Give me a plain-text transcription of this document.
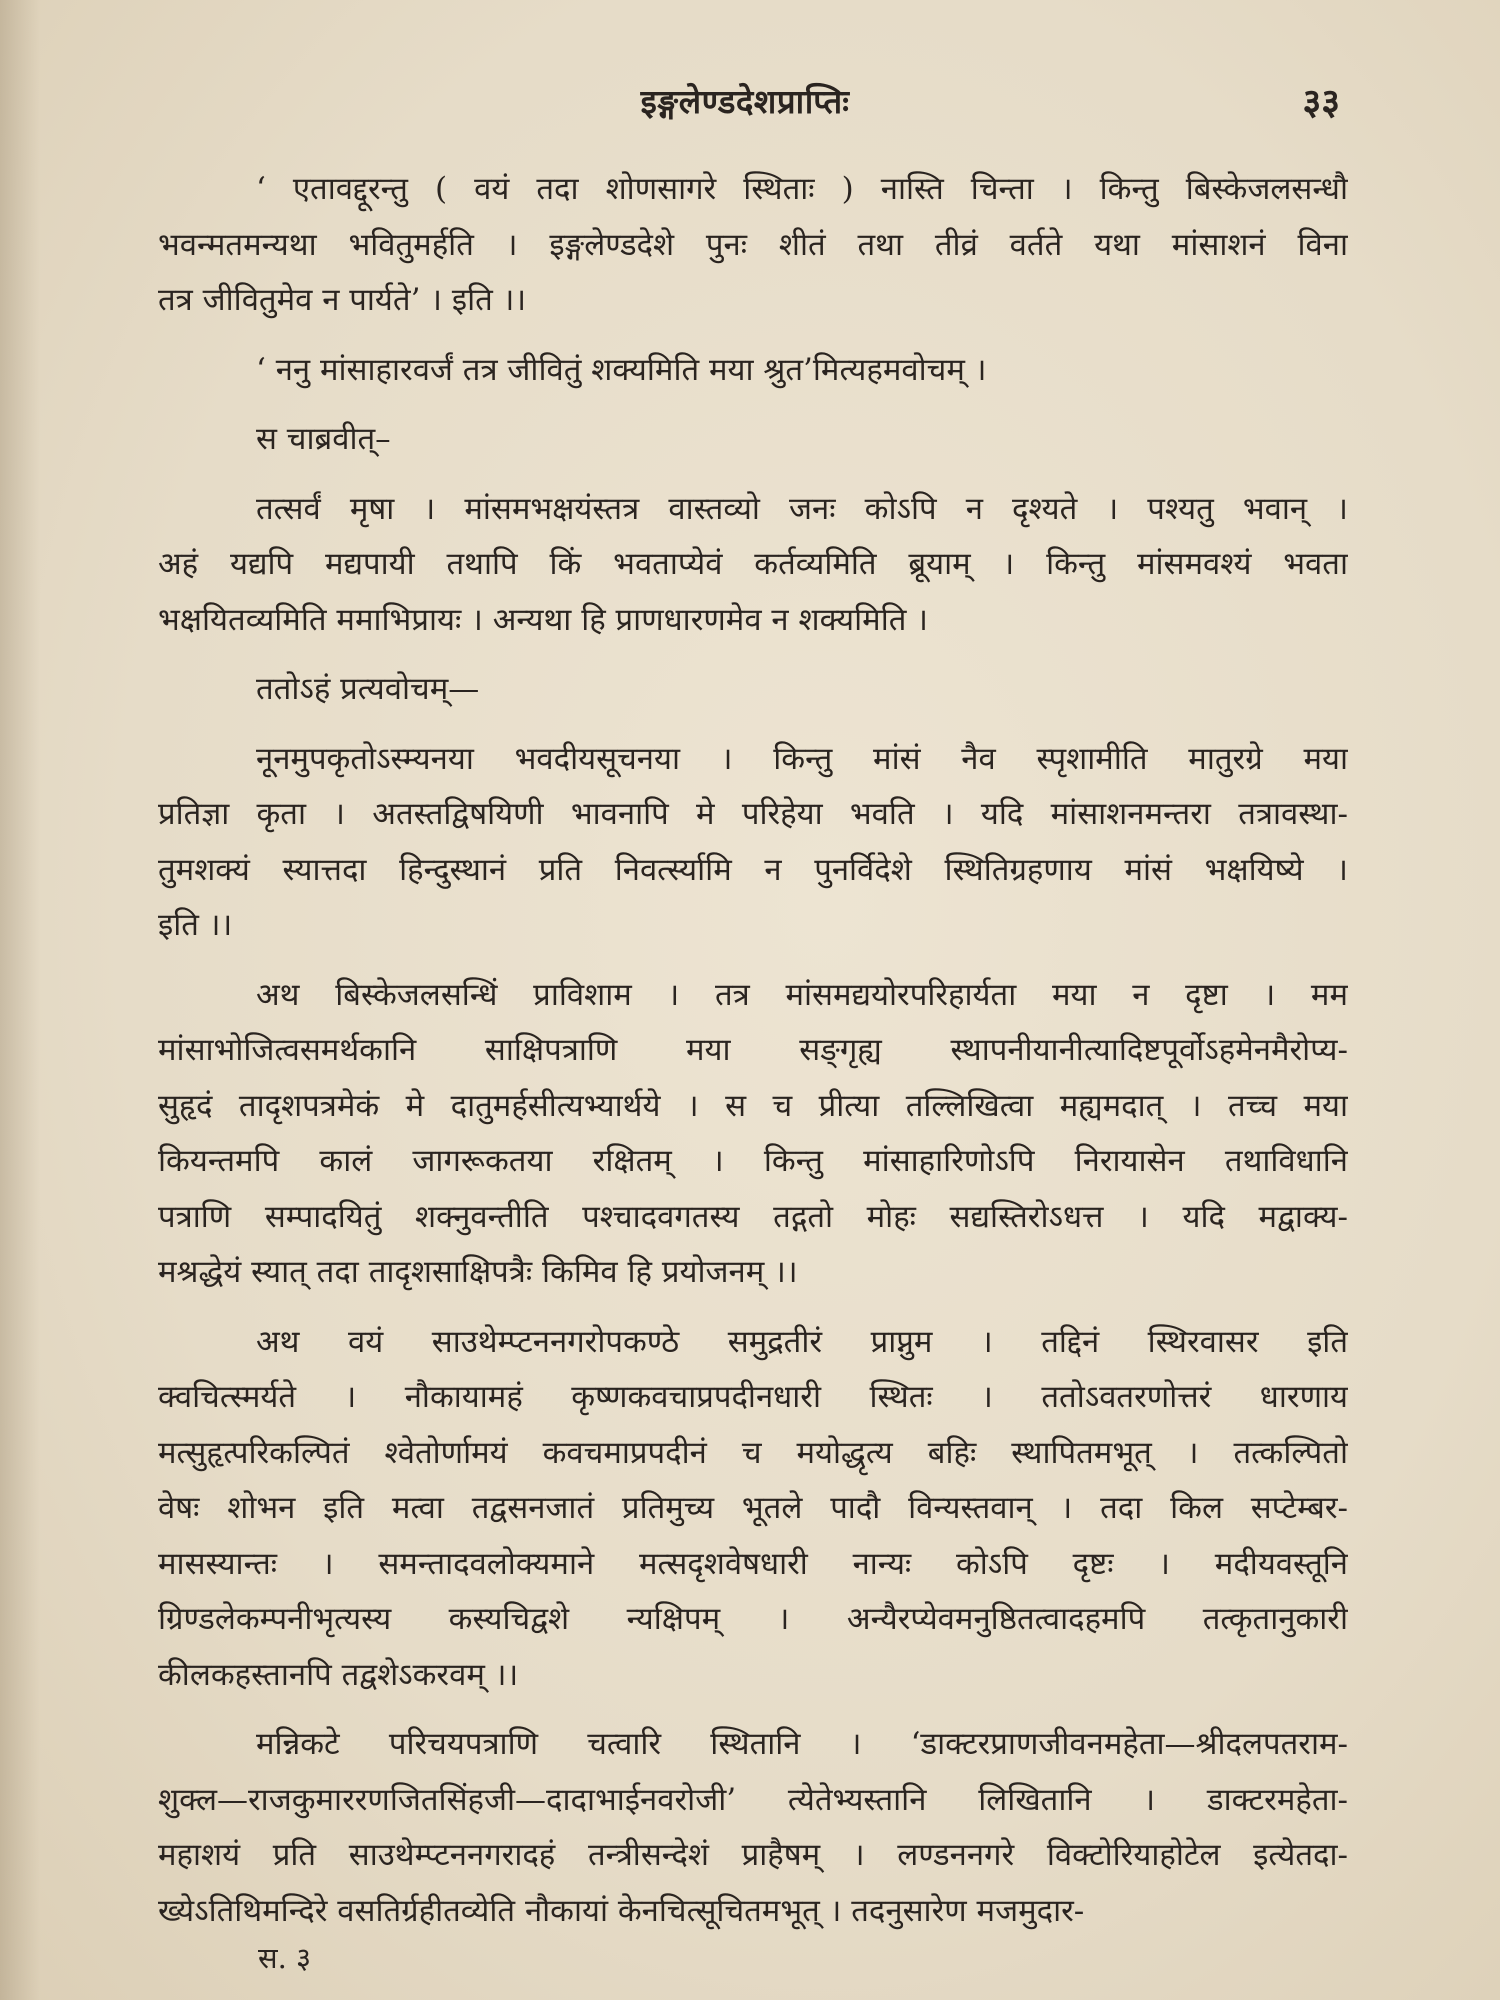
इङ्गलेण्डदेशप्राप्तिः	३३
‘ एतावद्दूरन्तु ( वयं तदा शोणसागरे स्थिताः ) नास्ति चिन्ता । किन्तु बिस्केजलसन्धौ
भवन्मतमन्यथा भवितुमर्हति । इङ्गलेण्डदेशे पुनः शीतं तथा तीव्रं वर्तते यथा मांसाशनं विना
तत्र जीवितुमेव न पार्यते’ । इति ।।
‘ ननु मांसाहारवर्जं तत्र जीवितुं शक्यमिति मया श्रुत’मित्यहमवोचम् ।
स चाब्रवीत्–
तत्सर्वं मृषा । मांसमभक्षयंस्तत्र वास्तव्यो जनः कोऽपि न दृश्यते । पश्यतु भवान् ।
अहं यद्यपि मद्यपायी तथापि किं भवताप्येवं कर्तव्यमिति ब्रूयाम् । किन्तु मांसमवश्यं भवता
भक्षयितव्यमिति ममाभिप्रायः । अन्यथा हि प्राणधारणमेव न शक्यमिति ।
ततोऽहं प्रत्यवोचम्—
नूनमुपकृतोऽस्म्यनया भवदीयसूचनया । किन्तु मांसं नैव स्पृशामीति मातुरग्रे मया
प्रतिज्ञा कृता । अतस्तद्विषयिणी भावनापि मे परिहेया भवति । यदि मांसाशनमन्तरा तत्रावस्था-
तुमशक्यं स्यात्तदा हिन्दुस्थानं प्रति निवर्त्स्यामि न पुनर्विदेशे स्थितिग्रहणाय मांसं भक्षयिष्ये ।
इति ।।
अथ बिस्केजलसन्धिं प्राविशाम । तत्र मांसमद्ययोरपरिहार्यता मया न दृष्टा । मम
मांसाभोजित्वसमर्थकानि साक्षिपत्राणि मया सङ्गृह्य स्थापनीयानीत्यादिष्टपूर्वोऽहमेनमैरोप्य-
सुहृदं तादृशपत्रमेकं मे दातुमर्हसीत्यभ्यार्थये । स च प्रीत्या तल्लिखित्वा मह्यमदात् । तच्च मया
कियन्तमपि कालं जागरूकतया रक्षितम् । किन्तु मांसाहारिणोऽपि निरायासेन तथाविधानि
पत्राणि सम्पादयितुं शक्नुवन्तीति पश्चादवगतस्य तद्गतो मोहः सद्यस्तिरोऽधत्त । यदि मद्वाक्य-
मश्रद्धेयं स्यात् तदा तादृशसाक्षिपत्रैः किमिव हि प्रयोजनम् ।।
अथ वयं साउथेम्प्टननगरोपकण्ठे समुद्रतीरं प्राप्नुम । तद्दिनं स्थिरवासर इति
क्वचित्स्मर्यते । नौकायामहं कृष्णकवचाप्रपदीनधारी स्थितः । ततोऽवतरणोत्तरं धारणाय
मत्सुहृत्परिकल्पितं श्वेतोर्णामयं कवचमाप्रपदीनं च मयोद्धृत्य बहिः स्थापितमभूत् । तत्कल्पितो
वेषः शोभन इति मत्वा तद्वसनजातं प्रतिमुच्य भूतले पादौ विन्यस्तवान् । तदा किल सप्टेम्बर-
मासस्यान्तः । समन्तादवलोक्यमाने मत्सदृशवेषधारी नान्यः कोऽपि दृष्टः । मदीयवस्तूनि
ग्रिण्डलेकम्पनीभृत्यस्य कस्यचिद्वशे न्यक्षिपम् । अन्यैरप्येवमनुष्ठितत्वादहमपि तत्कृतानुकारी
कीलकहस्तानपि तद्वशेऽकरवम् ।।
मन्निकटे परिचयपत्राणि चत्वारि स्थितानि । ‘डाक्टरप्राणजीवनमहेता—श्रीदलपतराम-
शुक्ल—राजकुमाररणजितसिंहजी—दादाभाईनवरोजी’ त्येतेभ्यस्तानि लिखितानि । डाक्टरमहेता-
महाशयं प्रति साउथेम्प्टननगरादहं तन्त्रीसन्देशं प्राहैषम् । लण्डननगरे विक्टोरियाहोटेल इत्येतदा-
ख्येऽतिथिमन्दिरे वसतिर्ग्रहीतव्येति नौकायां केनचित्सूचितमभूत् । तदनुसारेण मजमुदार-
स. ३
